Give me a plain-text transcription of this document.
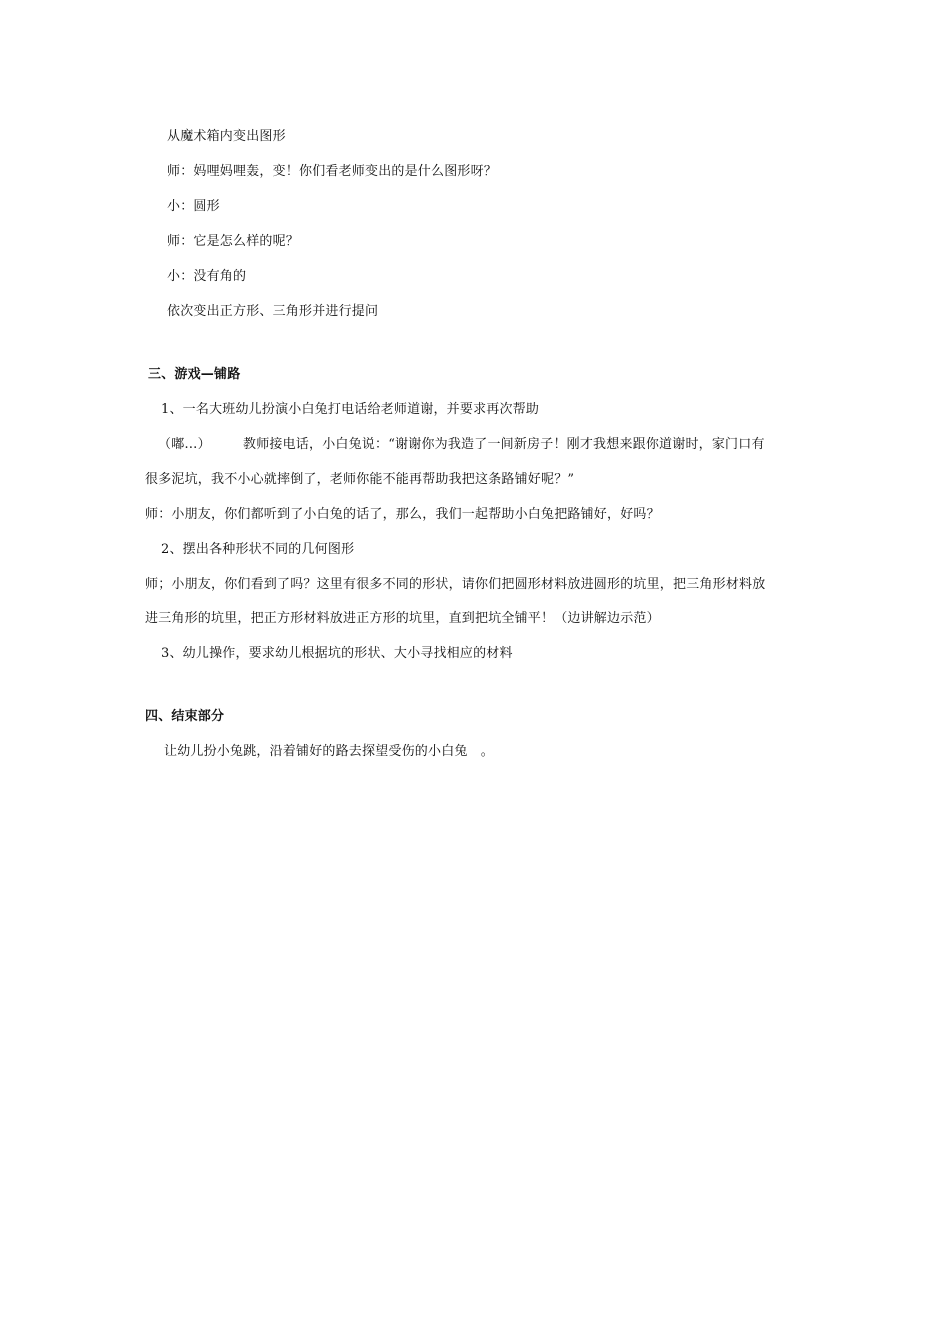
从魔术箱内变出图形
师：妈哩妈哩轰，变！你们看老师变出的是什么图形呀？
小：圆形
师：它是怎么样的呢？
小：没有角的
依次变出正方形、三角形并进行提问
三、游戏—铺路
1、一名大班幼儿扮演小白兔打电话给老师道谢，并要求再次帮助
（嘟…） 教师接电话，小白兔说：“谢谢你为我造了一间新房子！刚才我想来跟你道谢时，家门口有
很多泥坑，我不小心就摔倒了，老师你能不能再帮助我把这条路铺好呢？”
师：小朋友，你们都听到了小白兔的话了，那么，我们一起帮助小白兔把路铺好，好吗？
2、摆出各种形状不同的几何图形
师；小朋友，你们看到了吗？这里有很多不同的形状，请你们把圆形材料放进圆形的坑里，把三角形材料放
进三角形的坑里，把正方形材料放进正方形的坑里，直到把坑全铺平！（边讲解边示范）
3、幼儿操作，要求幼儿根据坑的形状、大小寻找相应的材料
四、结束部分
让幼儿扮小兔跳，沿着铺好的路去探望受伤的小白兔　。
